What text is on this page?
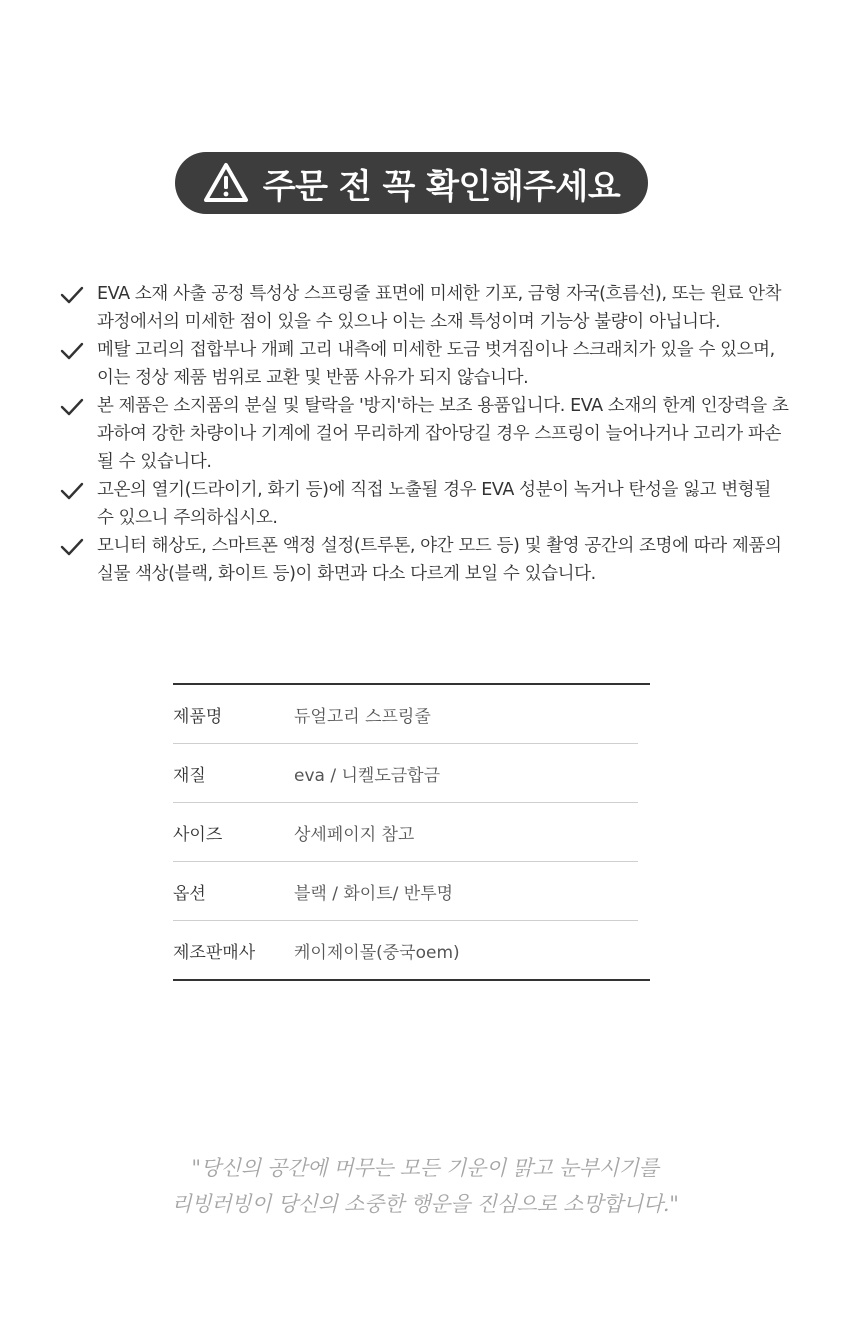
주문 전 꼭 확인해주세요
EVA 소재 사출 공정 특성상 스프링줄 표면에 미세한 기포, 금형 자국(흐름선), 또는 원료 안착 과정에서의 미세한 점이 있을 수 있으나 이는 소재 특성이며 기능상 불량이 아닙니다.
메탈 고리의 접합부나 개폐 고리 내측에 미세한 도금 벗겨짐이나 스크래치가 있을 수 있으며, 이는 정상 제품 범위로 교환 및 반품 사유가 되지 않습니다.
본 제품은 소지품의 분실 및 탈락을 '방지'하는 보조 용품입니다. EVA 소재의 한계 인장력을 초과하여 강한 차량이나 기계에 걸어 무리하게 잡아당길 경우 스프링이 늘어나거나 고리가 파손될 수 있습니다.
고온의 열기(드라이기, 화기 등)에 직접 노출될 경우 EVA 성분이 녹거나 탄성을 잃고 변형될 수 있으니 주의하십시오.
모니터 해상도, 스마트폰 액정 설정(트루톤, 야간 모드 등) 및 촬영 공간의 조명에 따라 제품의 실물 색상(블랙, 화이트 등)이 화면과 다소 다르게 보일 수 있습니다.
제품명	듀얼고리 스프링줄
재질	eva / 니켈도금합금
사이즈	상세페이지 참고
옵션	블랙 / 화이트/ 반투명
제조판매사	케이제이몰(중국oem)
"당신의 공간에 머무는 모든 기운이 맑고 눈부시기를
리빙러빙이 당신의 소중한 행운을 진심으로 소망합니다."
